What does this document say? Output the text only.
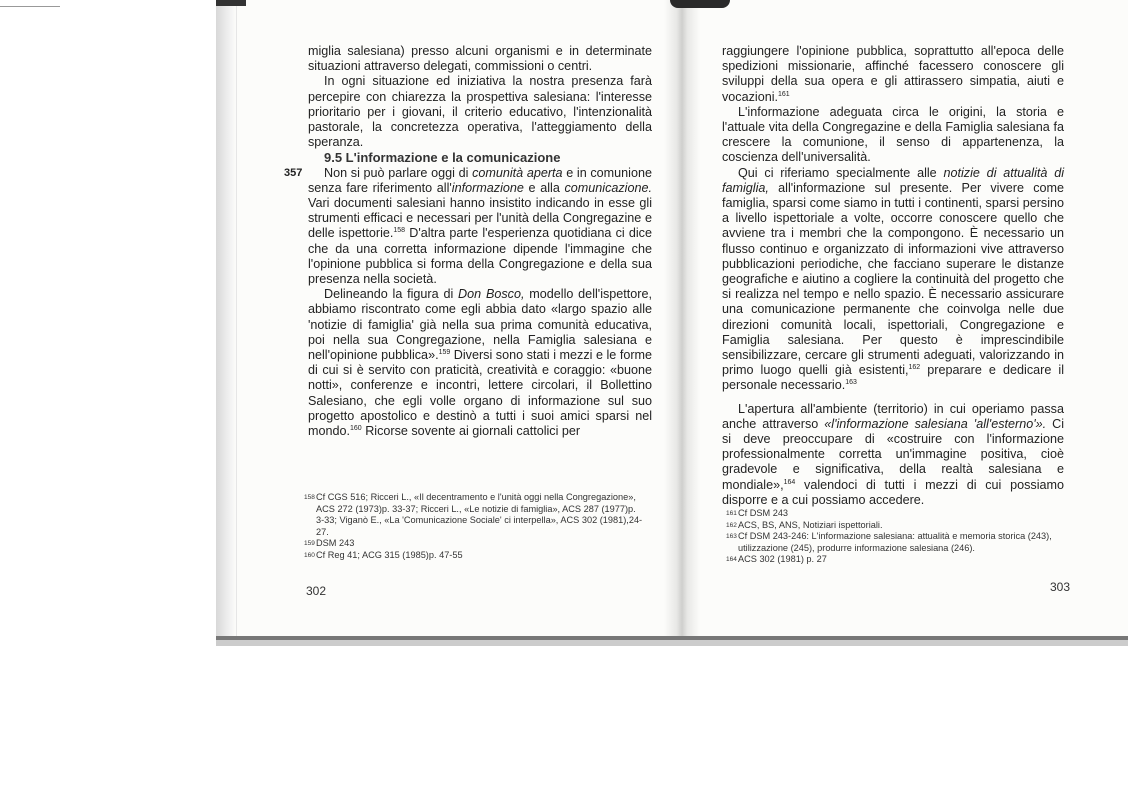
miglia salesiana) presso alcuni organismi e in determinate situazioni attraverso delegati, commissioni o centri.

In ogni situazione ed iniziativa la nostra presenza farà percepire con chiarezza la prospettiva salesiana: l'interesse prioritario per i giovani, il criterio educativo, l'intenzionalità pastorale, la concretezza operativa, l'atteggiamento della speranza.

9.5 L'informazione e la comunicazione

357	Non si può parlare oggi di comunità aperta e in comunione senza fare riferimento all'informazione e alla comunicazione. Vari documenti salesiani hanno insistito indicando in esse gli strumenti efficaci e necessari per l'unità della Congregazine e delle ispettorie.$^{158}$ D'altra parte l'esperienza quotidiana ci dice che da una corretta informazione dipende l'immagine che l'opinione pubblica si forma della Congregazione e della sua presenza nella società.

Delineando la figura di Don Bosco, modello dell'ispettore, abbiamo riscontrato come egli abbia dato «largo spazio alle 'notizie di famiglia' già nella sua prima comunità educativa, poi nella sua Congregazione, nella Famiglia salesiana e nell'opinione pubblica».$^{159}$ Diversi sono stati i mezzi e le forme di cui si è servito con praticità, creatività e coraggio: «buone notti», conferenze e incontri, lettere circolari, il Bollettino Salesiano, che egli volle organo di informazione sul suo progetto apostolico e destinò a tutti i suoi amici sparsi nel mondo.$^{160}$ Ricorse sovente ai giornali cattolici per

158Cf CGS 516; Ricceri L., «Il decentramento e l'unità oggi nella Congregazione», ACS 272 (1973)p. 33-37; Ricceri L., «Le notizie di famiglia», ACS 287 (1977)p. 3-33; Viganò E., «La 'Comunicazione Sociale' ci interpella», ACS 302 (1981),24-27.

159DSM 243

160Cf Reg 41; ACG 315 (1985)p. 47-55

302

raggiungere l'opinione pubblica, soprattutto all'epoca delle spedizioni missionarie, affinché facessero conoscere gli sviluppi della sua opera e gli attirassero simpatia, aiuti e vocazioni.$^{161}$

L'informazione adeguata circa le origini, la storia e l'attuale vita della Congregazine e della Famiglia salesiana fa crescere la comunione, il senso di appartenenza, la coscienza dell'universalità.

Qui ci riferiamo specialmente alle notizie di attualità di famiglia, all'informazione sul presente. Per vivere come famiglia, sparsi come siamo in tutti i continenti, sparsi persino a livello ispettoriale a volte, occorre conoscere quello che avviene tra i membri che la compongono. È necessario un flusso continuo e organizzato di informazioni vive attraverso pubblicazioni periodiche, che facciano superare le distanze geografiche e aiutino a cogliere la continuità del progetto che si realizza nel tempo e nello spazio. È necessario assicurare una comunicazione permanente che coinvolga nelle due direzioni comunità locali, ispettoriali, Congregazione e Famiglia salesiana. Per questo è imprescindibile sensibilizzare, cercare gli strumenti adeguati, valorizzando in primo luogo quelli già esistenti,$^{162}$ preparare e dedicare il personale necessario.$^{163}$

L'apertura all'ambiente (territorio) in cui operiamo passa anche attraverso «l'informazione salesiana 'all'esterno'». Ci si deve preoccupare di «costruire con l'informazione professionalmente corretta un'immagine positiva, cioè gradevole e significativa, della realtà salesiana e mondiale»,$^{164}$ valendoci di tutti i mezzi di cui possiamo disporre e a cui possiamo accedere.

161Cf DSM 243

162ACS, BS, ANS, Notiziari ispettoriali.

163Cf DSM 243-246: L'informazione salesiana: attualità e memoria storica (243), utilizzazione (245), produrre informazione salesiana (246).

164ACS 302 (1981) p. 27

303
